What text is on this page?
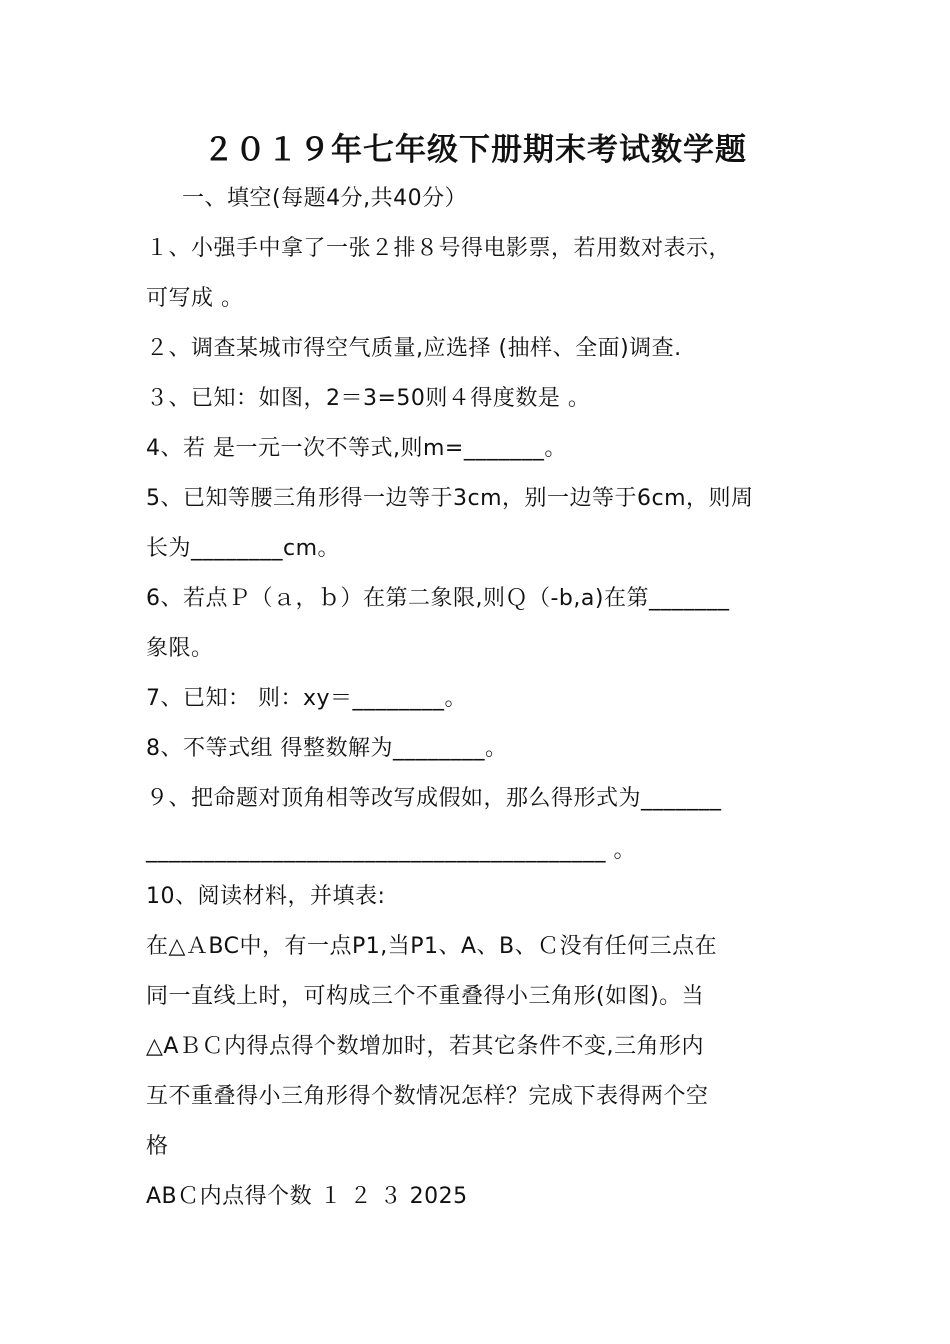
２０１９年七年级下册期末考试数学题
一、填空(每题4分,共40分）
１、小强手中拿了一张２排８号得电影票，若用数对表示，
可写成 。
２、调查某城市得空气质量,应选择 (抽样、全面)调查.
３、已知：如图，2＝3=50则４得度数是 。
4、若 是一元一次不等式,则m=_______。
5、已知等腰三角形得一边等于3cm，别一边等于6cm，则周
长为________cm。
6、若点Ｐ（ａ，ｂ）在第二象限,则Ｑ（-b,a)在第_______
象限。
7、已知： 则：xy＝________。
8、不等式组 得整数解为________。
９、把命题对顶角相等改写成假如，那么得形式为_______
________________________________________ 。
10、阅读材料，并填表:
在△ＡBC中，有一点P1,当P1、A、B、Ｃ没有任何三点在
同一直线上时，可构成三个不重叠得小三角形(如图)。当
△AＢＣ内得点得个数增加时，若其它条件不变,三角形内
互不重叠得小三角形得个数情况怎样？完成下表得两个空
格
ABＣ内点得个数 １ ２ ３ 2025
